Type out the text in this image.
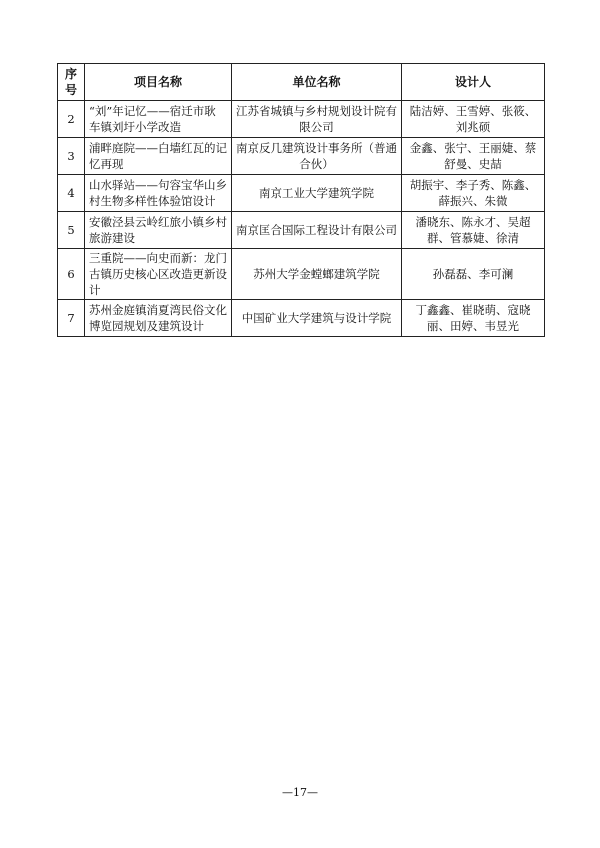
序号	项目名称	单位名称	设计人
2	“刘”年记忆——宿迁市耿车镇刘圩小学改造	江苏省城镇与乡村规划设计院有限公司	陆洁婷、王雪婷、张筱、刘兆硕
3	浦畔庭院——白墙红瓦的记忆再现	南京反几建筑设计事务所（普通合伙）	金鑫、张宁、王丽婕、蔡舒曼、史喆
4	山水驿站——句容宝华山乡村生物多样性体验馆设计	南京工业大学建筑学院	胡振宇、李子秀、陈鑫、薛振兴、朱微
5	安徽泾县云岭红旅小镇乡村旅游建设	南京匡合国际工程设计有限公司	潘晓东、陈永才、吴超群、管慕婕、徐清
6	三重院——向史而新：龙门古镇历史核心区改造更新设计	苏州大学金螳螂建筑学院	孙磊磊、李可澜
7	苏州金庭镇消夏湾民俗文化博览园规划及建筑设计	中国矿业大学建筑与设计学院	丁鑫鑫、崔晓萌、寇晓丽、田婷、韦昱光
—17—
